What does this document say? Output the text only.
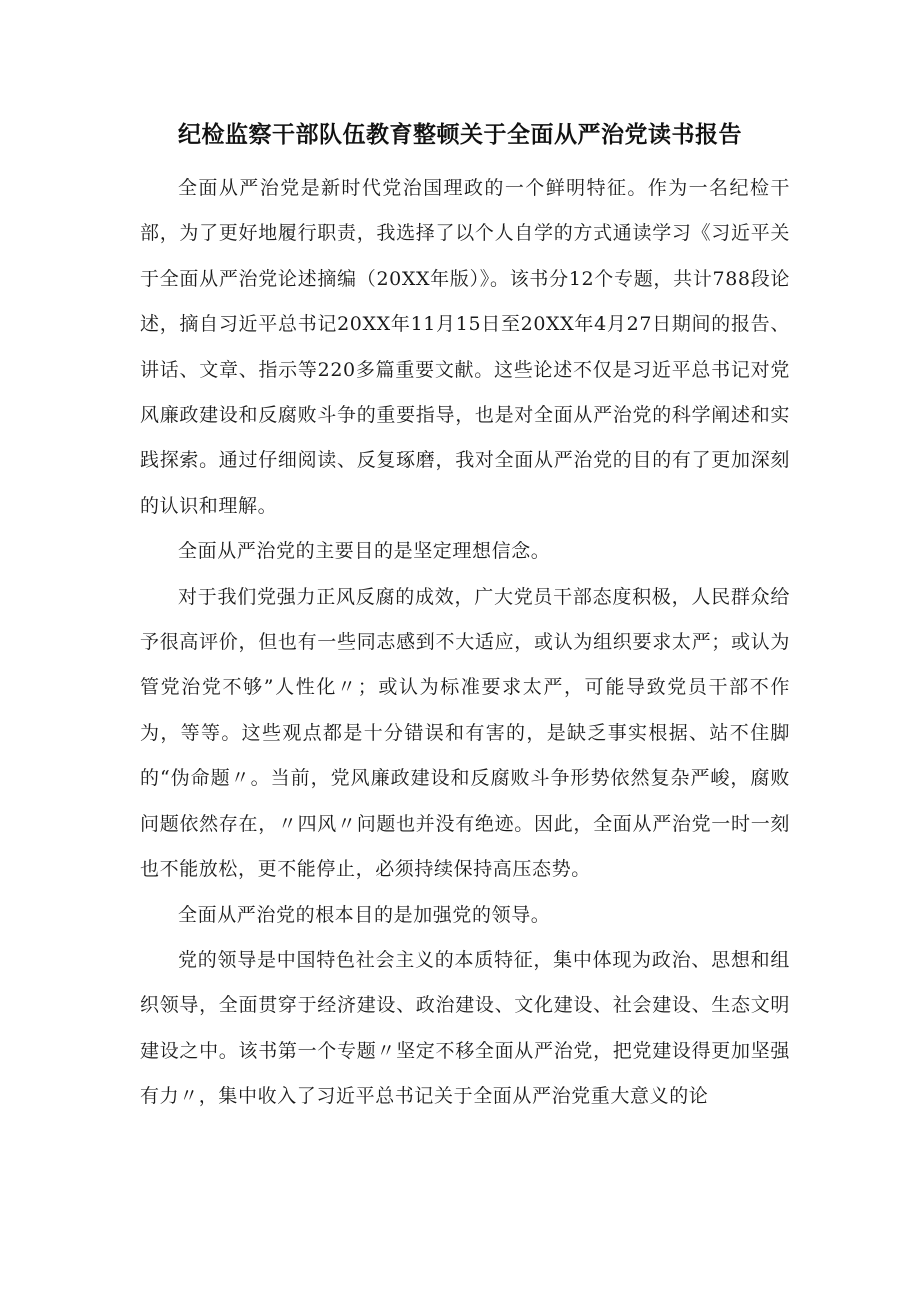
纪检监察干部队伍教育整顿关于全面从严治党读书报告

全面从严治党是新时代党治国理政的一个鲜明特征。作为一名纪检干部，为了更好地履行职责，我选择了以个人自学的方式通读学习《习近平关于全面从严治党论述摘编（20XX年版）》。该书分12个专题，共计788段论述，摘自习近平总书记20XX年11月15日至20XX年4月27日期间的报告、讲话、文章、指示等220多篇重要文献。这些论述不仅是习近平总书记对党风廉政建设和反腐败斗争的重要指导，也是对全面从严治党的科学阐述和实践探索。通过仔细阅读、反复琢磨，我对全面从严治党的目的有了更加深刻的认识和理解。

全面从严治党的主要目的是坚定理想信念。

对于我们党强力正风反腐的成效，广大党员干部态度积极，人民群众给予很高评价，但也有一些同志感到不大适应，或认为组织要求太严；或认为管党治党不够”人性化〃；或认为标准要求太严，可能导致党员干部不作为，等等。这些观点都是十分错误和有害的，是缺乏事实根据、站不住脚的“伪命题〃。当前，党风廉政建设和反腐败斗争形势依然复杂严峻，腐败问题依然存在，〃四风〃问题也并没有绝迹。因此，全面从严治党一时一刻也不能放松，更不能停止，必须持续保持高压态势。

全面从严治党的根本目的是加强党的领导。

党的领导是中国特色社会主义的本质特征，集中体现为政治、思想和组织领导，全面贯穿于经济建设、政治建设、文化建设、社会建设、生态文明建设之中。该书第一个专题〃坚定不移全面从严治党，把党建设得更加坚强有力〃，集中收入了习近平总书记关于全面从严治党重大意义的论
